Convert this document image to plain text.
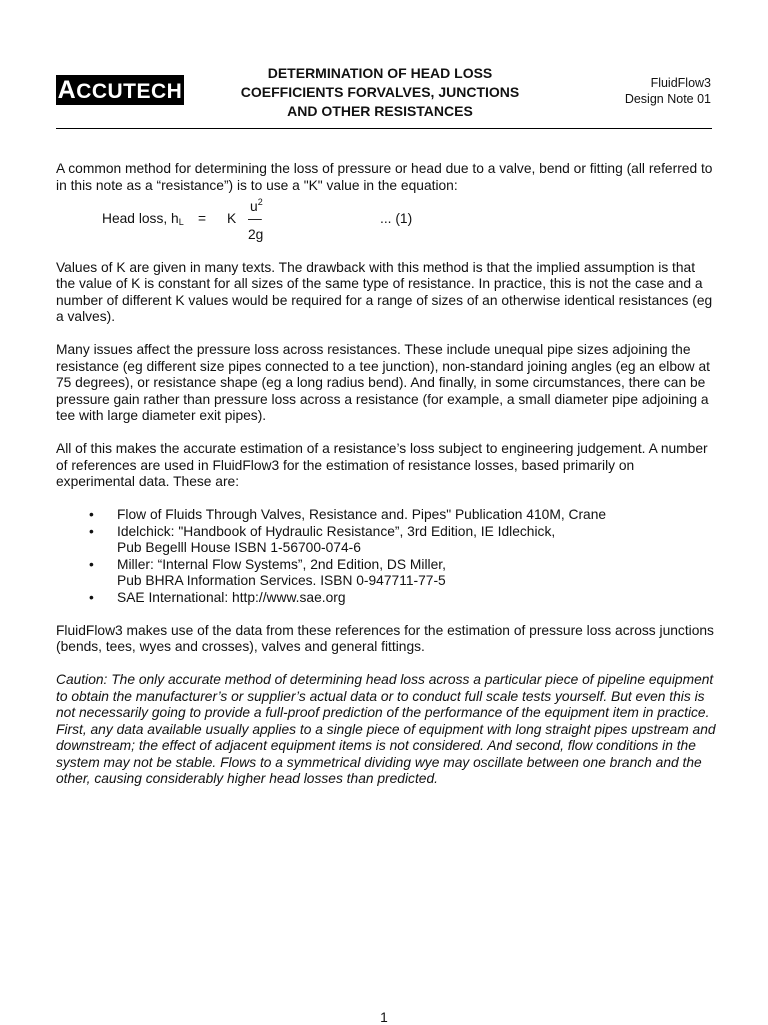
ACCUTECH
DETERMINATION OF HEAD LOSS
COEFFICIENTS FORVALVES, JUNCTIONS
AND OTHER RESISTANCES
FluidFlow3
Design Note 01

A common method for determining the loss of pressure or head due to a valve, bend or fitting (all referred to in this note as a “resistance”) is to use a "K" value in the equation:

Head loss, $h_L = K$
$u^2$
—
2g
... (1)

Values of K are given in many texts. The drawback with this method is that the implied assumption is that the value of K is constant for all sizes of the same type of resistance. In practice, this is not the case and a number of different K values would be required for a range of sizes of an otherwise identical resistances (eg a valves).

Many issues affect the pressure loss across resistances. These include unequal pipe sizes adjoining the resistance (eg different size pipes connected to a tee junction), non-standard joining angles (eg an elbow at 75 degrees), or resistance shape (eg a long radius bend). And finally, in some circumstances, there can be pressure gain rather than pressure loss across a resistance (for example, a small diameter pipe adjoining a tee with large diameter exit pipes).

All of this makes the accurate estimation of a resistance’s loss subject to engineering judgement. A number of references are used in FluidFlow3 for the estimation of resistance losses, based primarily on experimental data. These are:

• Flow of Fluids Through Valves, Resistance and. Pipes" Publication 410M, Crane
• Idelchick: "Handbook of Hydraulic Resistance”, 3rd Edition, IE Idlechick,
Pub Begelll House ISBN 1-56700-074-6
• Miller: “Internal Flow Systems”, 2nd Edition, DS Miller,
Pub BHRA Information Services. ISBN 0-947711-77-5
• SAE International: http://www.sae.org

FluidFlow3 makes use of the data from these references for the estimation of pressure loss across junctions (bends, tees, wyes and crosses), valves and general fittings.

Caution: The only accurate method of determining head loss across a particular piece of pipeline equipment to obtain the manufacturer’s or supplier’s actual data or to conduct full scale tests yourself. But even this is not necessarily going to provide a full-proof prediction of the performance of the equipment item in practice. First, any data available usually applies to a single piece of equipment with long straight pipes upstream and downstream; the effect of adjacent equipment items is not considered. And second, flow conditions in the system may not be stable. Flows to a symmetrical dividing wye may oscillate between one branch and the other, causing considerably higher head losses than predicted.

1
